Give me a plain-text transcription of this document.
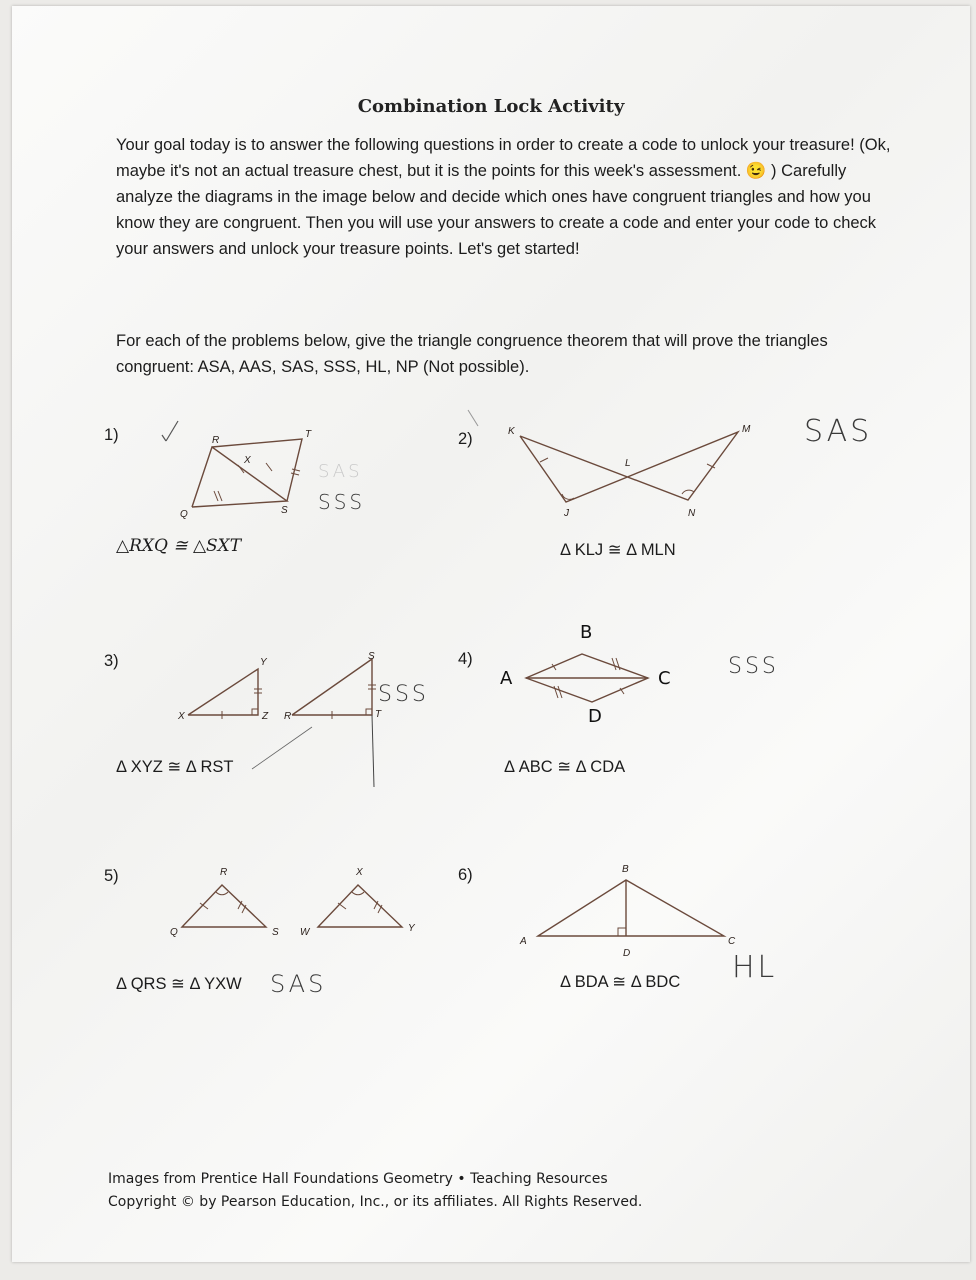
Combination Lock Activity
Your goal today is to answer the following questions in order to create a code to unlock your treasure! (Ok, maybe it's not an actual treasure chest, but it is the points for this week's assessment. 😉 ) Carefully analyze the diagrams in the image below and decide which ones have congruent triangles and how you know they are congruent. Then you will use your answers to create a code and enter your code to check your answers and unlock your treasure points. Let's get started!
For each of the problems below, give the triangle congruence theorem that will prove the triangles congruent: ASA, AAS, SAS, SSS, HL, NP (Not possible).
1)	R
T
X
Q	S
SAS
SSS
△RXQ ≅ △SXT
2)	K	M
L
J	N
SAS
Δ KLJ ≅ Δ MLN
3)
X
Y
Z R
S
T
SSS
Δ XYZ ≅ Δ RST
4)
A
B
C
D
SSS
Δ ABC ≅ Δ CDA
5)
Q
R
S W
X
Y
Δ QRS ≅ Δ YXW SAS
6)	B
A	C
D
Δ BDA ≅ Δ BDC HL
Images from Prentice Hall Foundations Geometry • Teaching Resources
Copyright © by Pearson Education, Inc., or its affiliates. All Rights Reserved.
